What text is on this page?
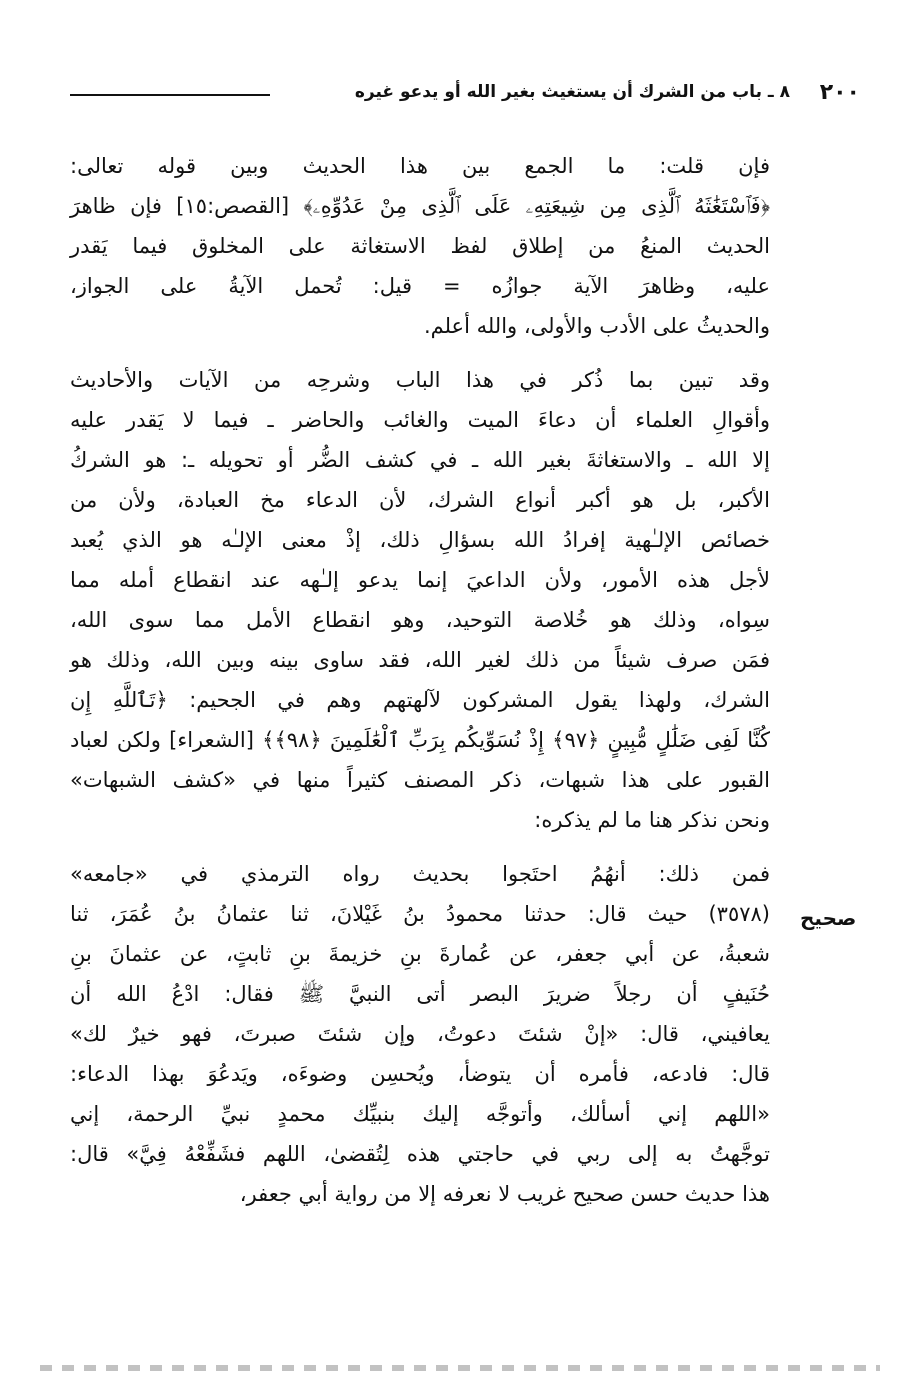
٢٠٠
٨ ـ باب من الشرك أن يستغيث بغير الله أو يدعو غيره
صحيح
فإن قلت: ما الجمع بين هذا الحديث وبين قوله تعالى:
﴿فَٱسْتَغَٰثَهُ ٱلَّذِى مِن شِيعَتِهِۦ عَلَى ٱلَّذِى مِنْ عَدُوِّهِۦ﴾ [القصص:١٥] فإن ظاهرَ
الحديث المنعُ من إطلاق لفظ الاستغاثة على المخلوق فيما يَقدر
عليه، وظاهرَ الآية جوازُه = قيل: تُحمل الآيةُ على الجواز،
والحديثُ على الأدب والأولى، والله أعلم.
وقد تبين بما ذُكر في هذا الباب وشرحِه من الآيات والأحاديث
وأقوالِ العلماء أن دعاءَ الميت والغائب والحاضر ـ فيما لا يَقدر عليه
إلا الله ـ والاستغاثةَ بغير الله ـ في كشف الضُّر أو تحويله ـ: هو الشركُ
الأكبر، بل هو أكبر أنواع الشرك، لأن الدعاء مخ العبادة، ولأن من
خصائص الإلـٰهية إفرادُ الله بسؤالِ ذلك، إذْ معنى الإلـٰه هو الذي يُعبد
لأجل هذه الأمور، ولأن الداعيَ إنما يدعو إلـٰهه عند انقطاع أمله مما
سِواه، وذلك هو خُلاصة التوحيد، وهو انقطاع الأمل مما سوى الله،
فمَن صرف شيئاً من ذلك لغير الله، فقد ساوى بينه وبين الله، وذلك هو
الشرك، ولهذا يقول المشركون لآلهتهم وهم في الجحيم: ﴿تَٱللَّهِ إِن
كُنَّا لَفِى ضَلَٰلٍ مُّبِينٍ ﴿٩٧﴾ إِذْ نُسَوِّيكُم بِرَبِّ ٱلْعَٰلَمِينَ ﴿٩٨﴾﴾ [الشعراء] ولكن لعباد
القبور على هذا شبهات، ذكر المصنف كثيراً منها في «كشف الشبهات»
ونحن نذكر هنا ما لم يذكره:
فمن ذلك: أنهُمُ احتَجوا بحديث رواه الترمذي في «جامعه»
(٣٥٧٨) حيث قال: حدثنا محمودُ بنُ غَيْلانَ، ثنا عثمانُ بنُ عُمَرَ، ثنا
شعبةُ، عن أبي جعفر، عن عُمارةَ بنِ خزيمةَ بنِ ثابتٍ، عن عثمانَ بنِ
حُنَيفٍ أن رجلاً ضريرَ البصر أتى النبيَّ ﷺ فقال: ادْعُ الله أن
يعافيني، قال: «إنْ شئتَ دعوتُ، وإن شئتَ صبرتَ، فهو خيرٌ لك»
قال: فادعه، فأمره أن يتوضأ، ويُحسِن وضوءَه، ويَدعُوَ بهذا الدعاء:
«اللهم إني أسألك، وأتوجَّه إليك بنبيِّك محمدٍ نبيِّ الرحمة، إني
توجَّهتُ به إلى ربي في حاجتي هذه لِتُقضىٰ، اللهم فشَفِّعْهُ فِيَّ» قال:
هذا حديث حسن صحيح غريب لا نعرفه إلا من رواية أبي جعفر،
